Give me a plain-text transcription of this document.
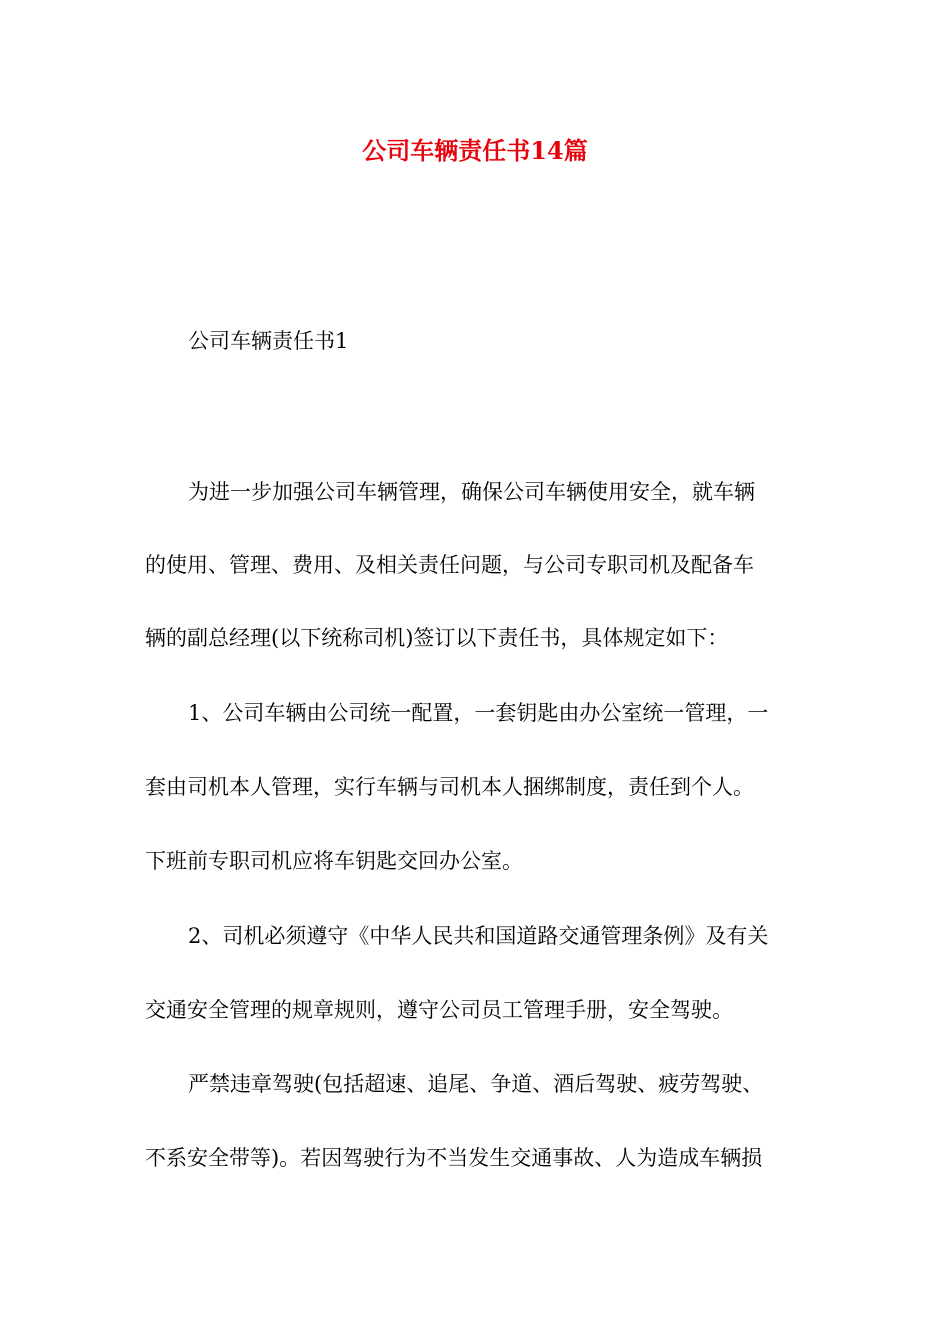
公司车辆责任书14篇
公司车辆责任书1
为进一步加强公司车辆管理，确保公司车辆使用安全，就车辆
的使用、管理、费用、及相关责任问题，与公司专职司机及配备车
辆的副总经理(以下统称司机)签订以下责任书，具体规定如下：
1、公司车辆由公司统一配置，一套钥匙由办公室统一管理，一
套由司机本人管理，实行车辆与司机本人捆绑制度，责任到个人。
下班前专职司机应将车钥匙交回办公室。
2、司机必须遵守《中华人民共和国道路交通管理条例》及有关
交通安全管理的规章规则，遵守公司员工管理手册，安全驾驶。
严禁违章驾驶(包括超速、追尾、争道、酒后驾驶、疲劳驾驶、
不系安全带等)。若因驾驶行为不当发生交通事故、人为造成车辆损
